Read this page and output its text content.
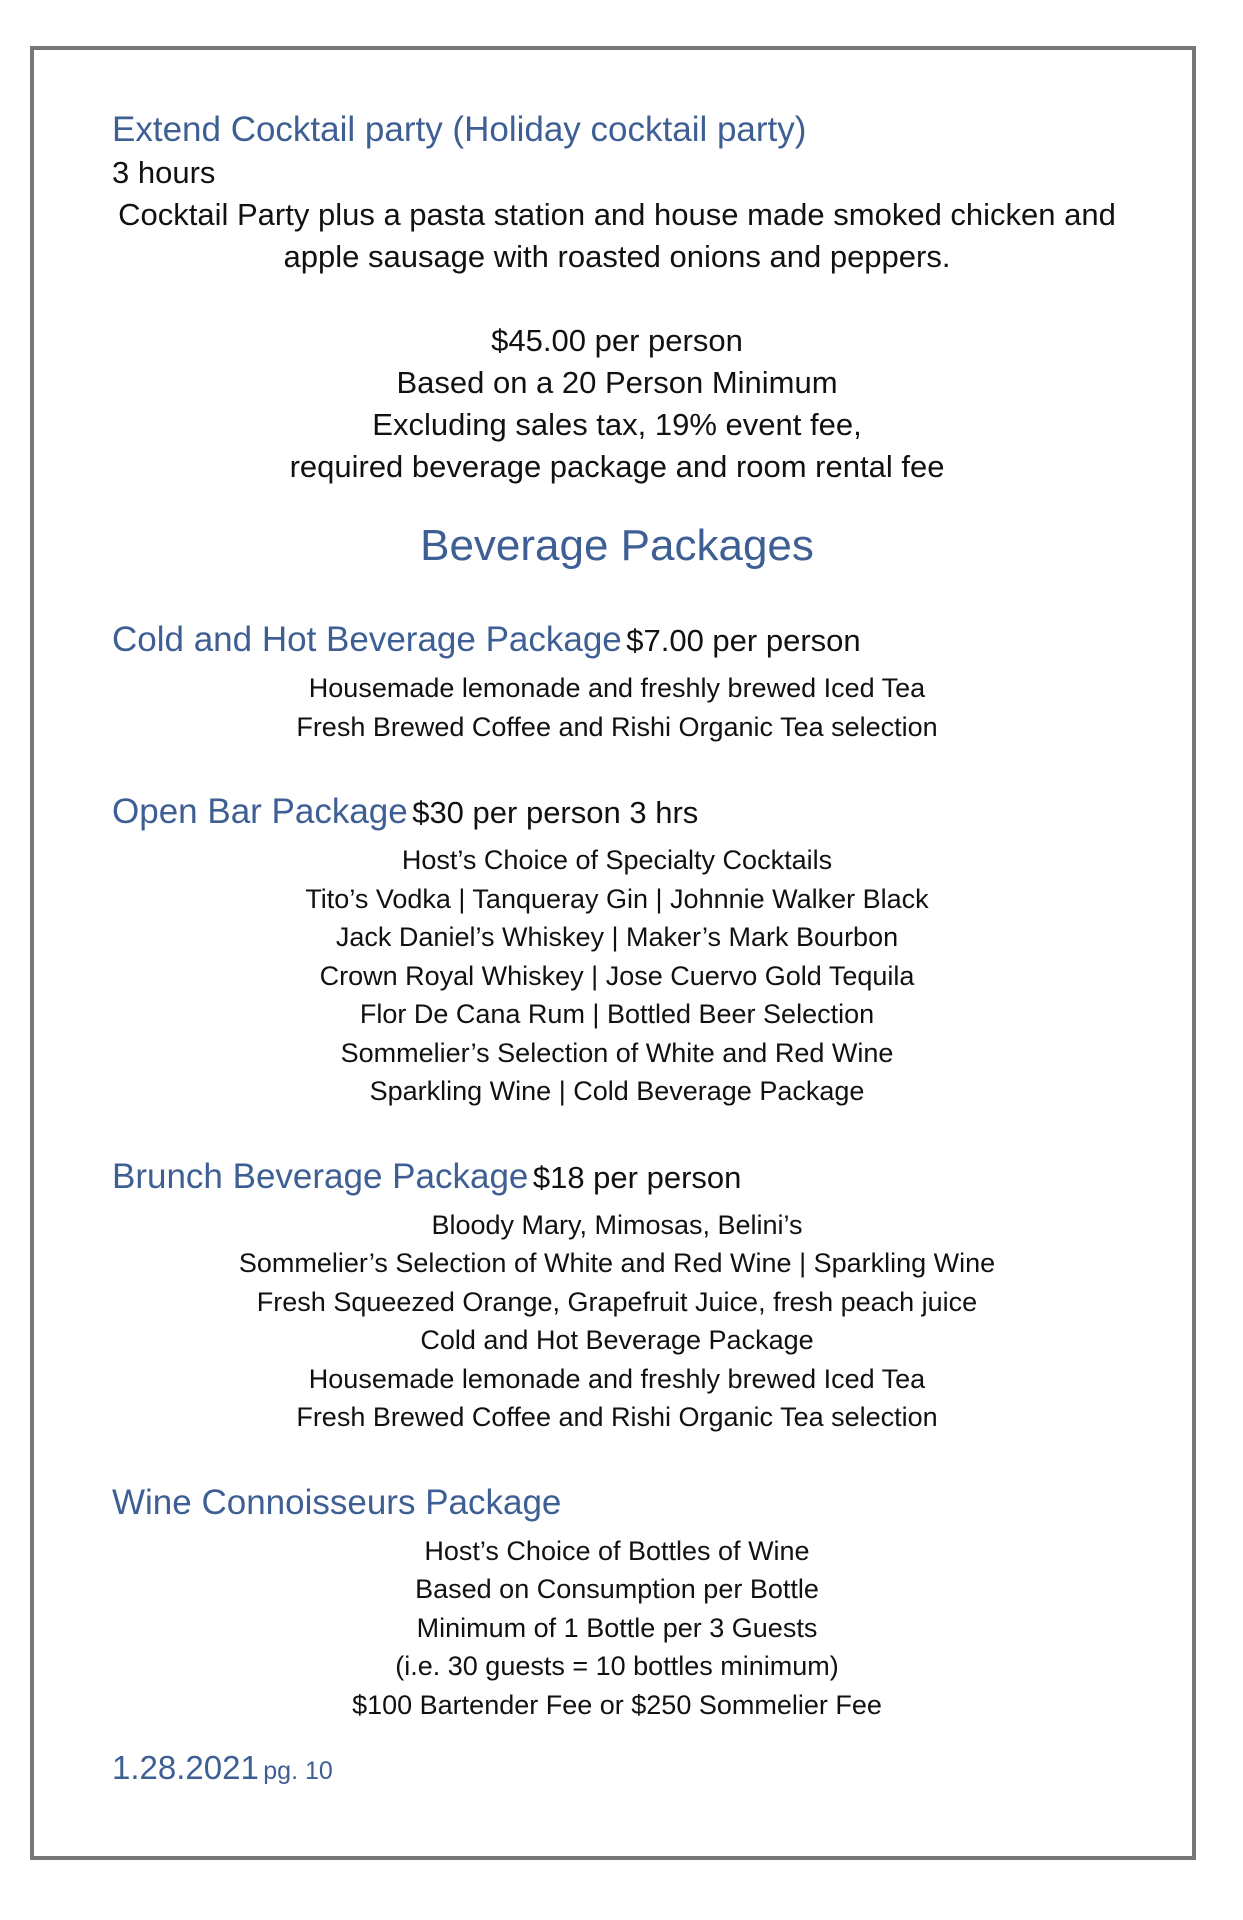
Extend Cocktail party (Holiday cocktail party)

3 hours

Cocktail Party plus a pasta station and house made smoked chicken and

apple sausage with roasted onions and peppers.

$45.00 per person

Based on a 20 Person Minimum

Excluding sales tax, 19% event fee,

required beverage package and room rental fee

Beverage Packages

Cold and Hot Beverage Package $7.00 per person

Housemade lemonade and freshly brewed Iced Tea

Fresh Brewed Coffee and Rishi Organic Tea selection

Open Bar Package $30 per person 3 hrs

Host’s Choice of Specialty Cocktails

Tito’s Vodka | Tanqueray Gin | Johnnie Walker Black

Jack Daniel’s Whiskey | Maker’s Mark Bourbon

Crown Royal Whiskey | Jose Cuervo Gold Tequila

Flor De Cana Rum | Bottled Beer Selection

Sommelier’s Selection of White and Red Wine

Sparkling Wine | Cold Beverage Package

Brunch Beverage Package $18 per person

Bloody Mary, Mimosas, Belini’s

Sommelier’s Selection of White and Red Wine | Sparkling Wine

Fresh Squeezed Orange, Grapefruit Juice, fresh peach juice

Cold and Hot Beverage Package

Housemade lemonade and freshly brewed Iced Tea

Fresh Brewed Coffee and Rishi Organic Tea selection

Wine Connoisseurs Package

Host’s Choice of Bottles of Wine

Based on Consumption per Bottle

Minimum of 1 Bottle per 3 Guests

(i.e. 30 guests = 10 bottles minimum)

$100 Bartender Fee or $250 Sommelier Fee

1.28.2021 pg. 10
